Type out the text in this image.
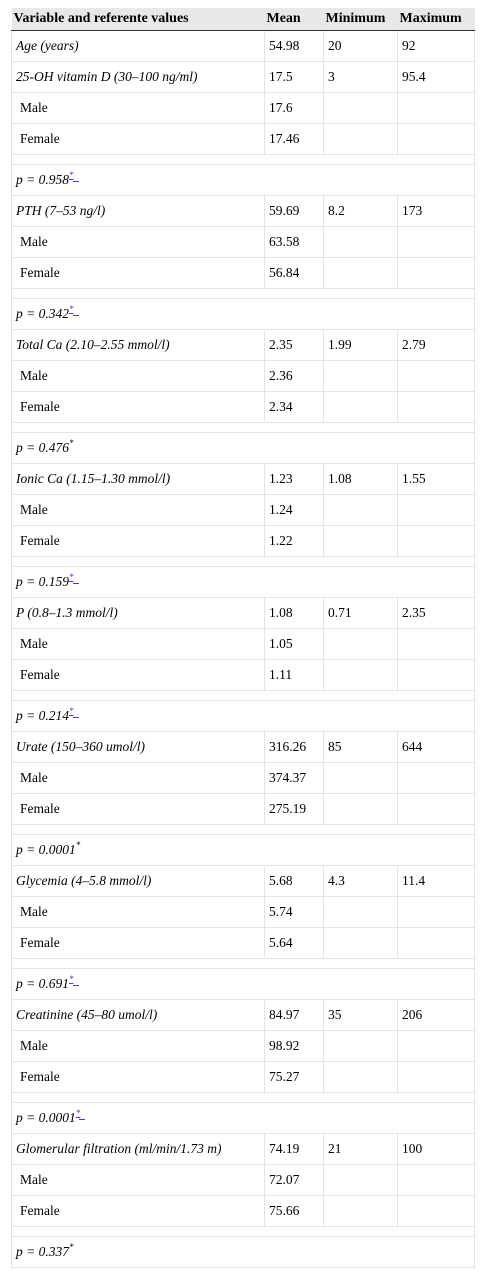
Variable and referente values	Mean	Minimum	Maximum
Age (years)	54.98	20	92
25-OH vitamin D (30–100 ng/ml)	17.5	3	95.4
Male	17.6		
Female	17.46		

p = 0.958*
PTH (7–53 ng/l)	59.69	8.2	173
Male	63.58		
Female	56.84		

p = 0.342*
Total Ca (2.10–2.55 mmol/l)	2.35	1.99	2.79
Male	2.36		
Female	2.34		

p = 0.476*
Ionic Ca (1.15–1.30 mmol/l)	1.23	1.08	1.55
Male	1.24		
Female	1.22		

p = 0.159*
P (0.8–1.3 mmol/l)	1.08	0.71	2.35
Male	1.05		
Female	1.11		

p = 0.214*
Urate (150–360 umol/l)	316.26	85	644
Male	374.37		
Female	275.19		

p = 0.0001*
Glycemia (4–5.8 mmol/l)	5.68	4.3	11.4
Male	5.74		
Female	5.64		

p = 0.691*
Creatinine (45–80 umol/l)	84.97	35	206
Male	98.92		
Female	75.27		

p = 0.0001*
Glomerular filtration (ml/min/1.73 m)	74.19	21	100
Male	72.07		
Female	75.66		

p = 0.337*
